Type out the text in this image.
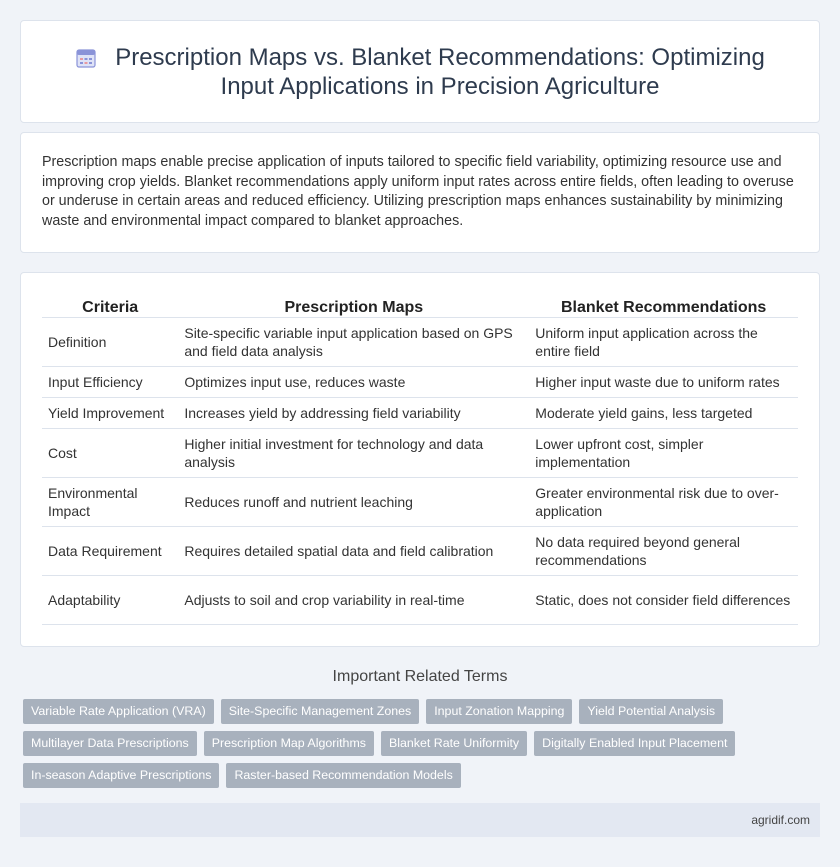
Prescription Maps vs. Blanket Recommendations: Optimizing Input Applications in Precision Agriculture

Prescription maps enable precise application of inputs tailored to specific field variability, optimizing resource use and improving crop yields. Blanket recommendations apply uniform input rates across entire fields, often leading to overuse or underuse in certain areas and reduced efficiency. Utilizing prescription maps enhances sustainability by minimizing waste and environmental impact compared to blanket approaches.

Criteria	Prescription Maps	Blanket Recommendations
Definition	Site-specific variable input application based on GPS and field data analysis	Uniform input application across the entire field
Input Efficiency	Optimizes input use, reduces waste	Higher input waste due to uniform rates
Yield Improvement	Increases yield by addressing field variability	Moderate yield gains, less targeted
Cost	Higher initial investment for technology and data analysis	Lower upfront cost, simpler implementation
Environmental Impact	Reduces runoff and nutrient leaching	Greater environmental risk due to over-application
Data Requirement	Requires detailed spatial data and field calibration	No data required beyond general recommendations
Adaptability	Adjusts to soil and crop variability in real-time	Static, does not consider field differences
Important Related Terms
Variable Rate Application (VRA)	Site-Specific Management Zones	Input Zonation Mapping	Yield Potential Analysis
Multilayer Data Prescriptions	Prescription Map Algorithms	Blanket Rate Uniformity	Digitally Enabled Input Placement
In-season Adaptive Prescriptions	Raster-based Recommendation Models
agridif.com
